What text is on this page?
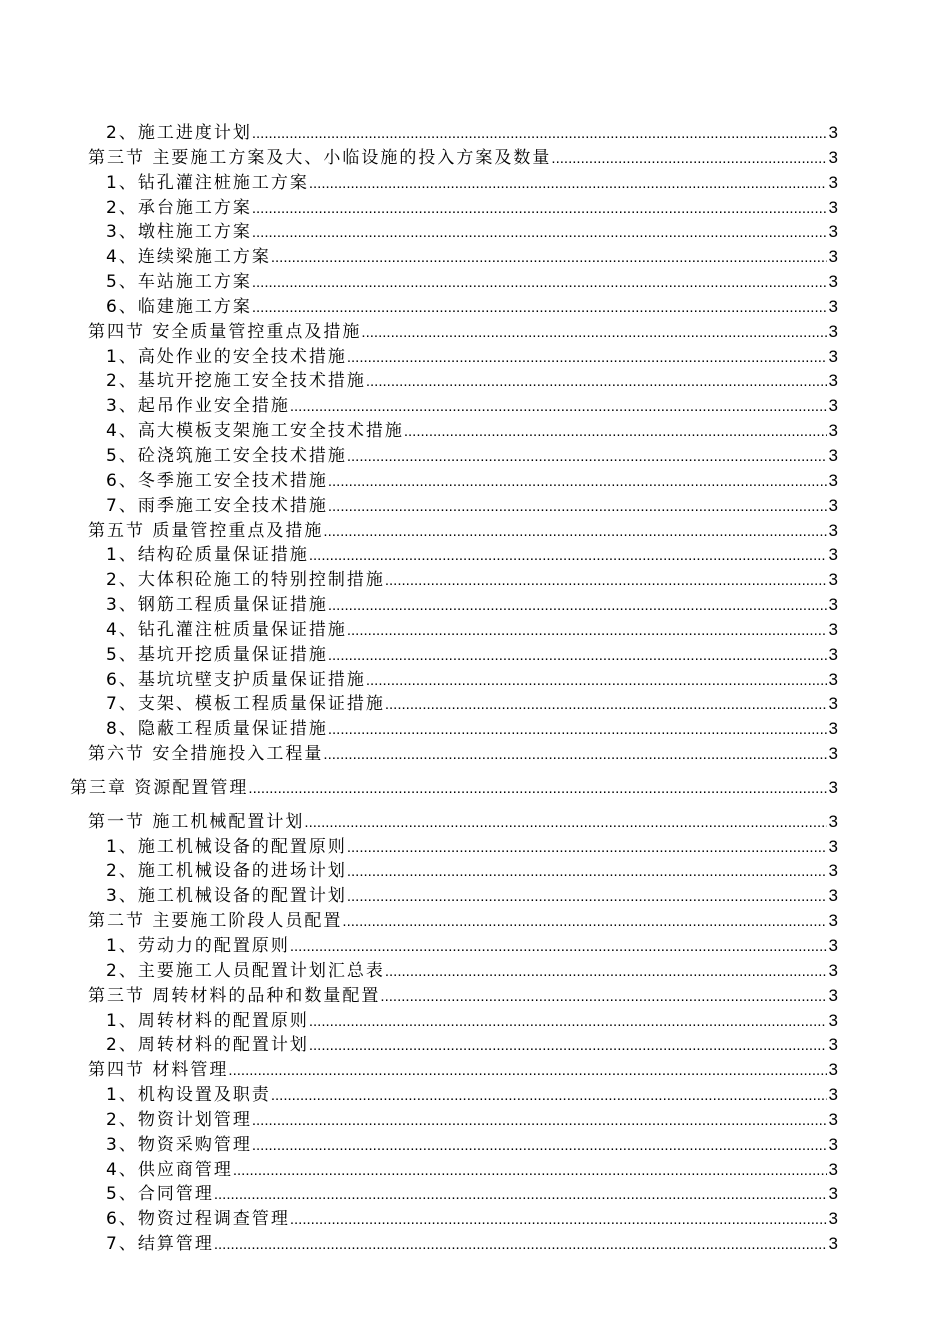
2、施工进度计划 .....	3
第三节 主要施工方案及大、小临设施的投入方案及数量 .....	3
1、钻孔灌注桩施工方案 .....	3
2、承台施工方案 .....	3
3、墩柱施工方案 .....	3
4、连续梁施工方案 .....	3
5、车站施工方案 .....	3
6、临建施工方案 .....	3
第四节 安全质量管控重点及措施 .....	3
1、高处作业的安全技术措施 .....	3
2、基坑开挖施工安全技术措施 .....	3
3、起吊作业安全措施 .....	3
4、高大模板支架施工安全技术措施 .....	3
5、砼浇筑施工安全技术措施 .....	3
6、冬季施工安全技术措施 .....	3
7、雨季施工安全技术措施 .....	3
第五节 质量管控重点及措施 .....	3
1、结构砼质量保证措施 .....	3
2、大体积砼施工的特别控制措施 .....	3
3、钢筋工程质量保证措施 .....	3
4、钻孔灌注桩质量保证措施 .....	3
5、基坑开挖质量保证措施 .....	3
6、基坑坑壁支护质量保证措施 .....	3
7、支架、模板工程质量保证措施 .....	3
8、隐蔽工程质量保证措施 .....	3
第六节 安全措施投入工程量 .....	3
第三章 资源配置管理 .....	3
第一节 施工机械配置计划 .....	3
1、施工机械设备的配置原则 .....	3
2、施工机械设备的进场计划 .....	3
3、施工机械设备的配置计划 .....	3
第二节 主要施工阶段人员配置 .....	3
1、劳动力的配置原则 .....	3
2、主要施工人员配置计划汇总表 .....	3
第三节 周转材料的品种和数量配置 .....	3
1、周转材料的配置原则 .....	3
2、周转材料的配置计划 .....	3
第四节 材料管理 .....	3
1、机构设置及职责 .....	3
2、物资计划管理 .....	3
3、物资采购管理 .....	3
4、供应商管理 .....	3
5、合同管理 .....	3
6、物资过程调查管理 .....	3
7、结算管理 .....	3
